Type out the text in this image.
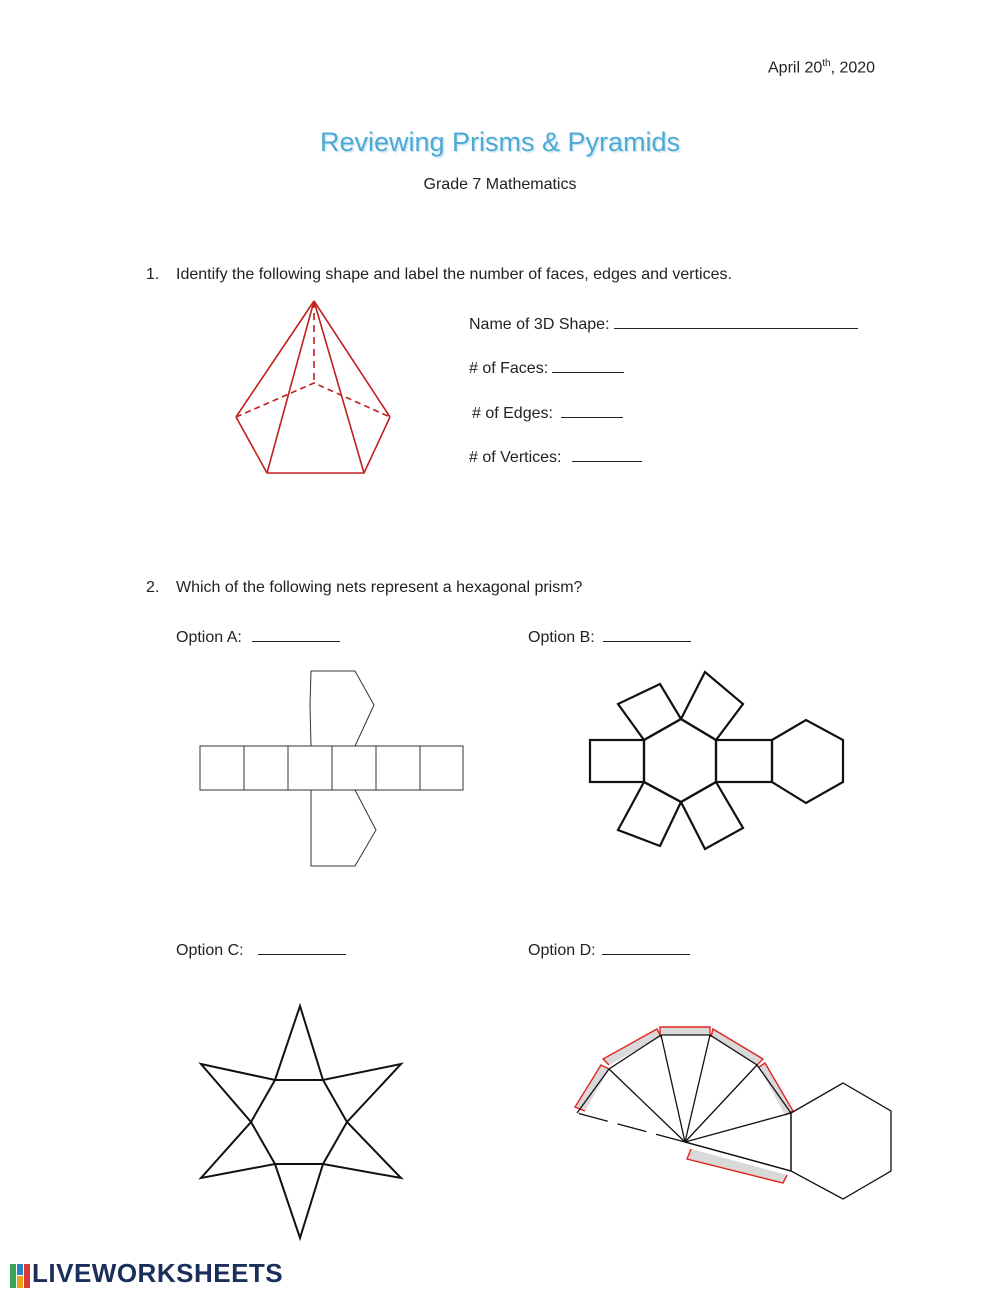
April 20th, 2020
Reviewing Prisms & Pyramids
Grade 7 Mathematics
1. Identify the following shape and label the number of faces, edges and vertices.
Name of 3D Shape:
# of Faces:
# of Edges:
# of Vertices:
2. Which of the following nets represent a hexagonal prism?
Option A:	Option B:
Option C:	Option D:
LIVEWORKSHEETS
